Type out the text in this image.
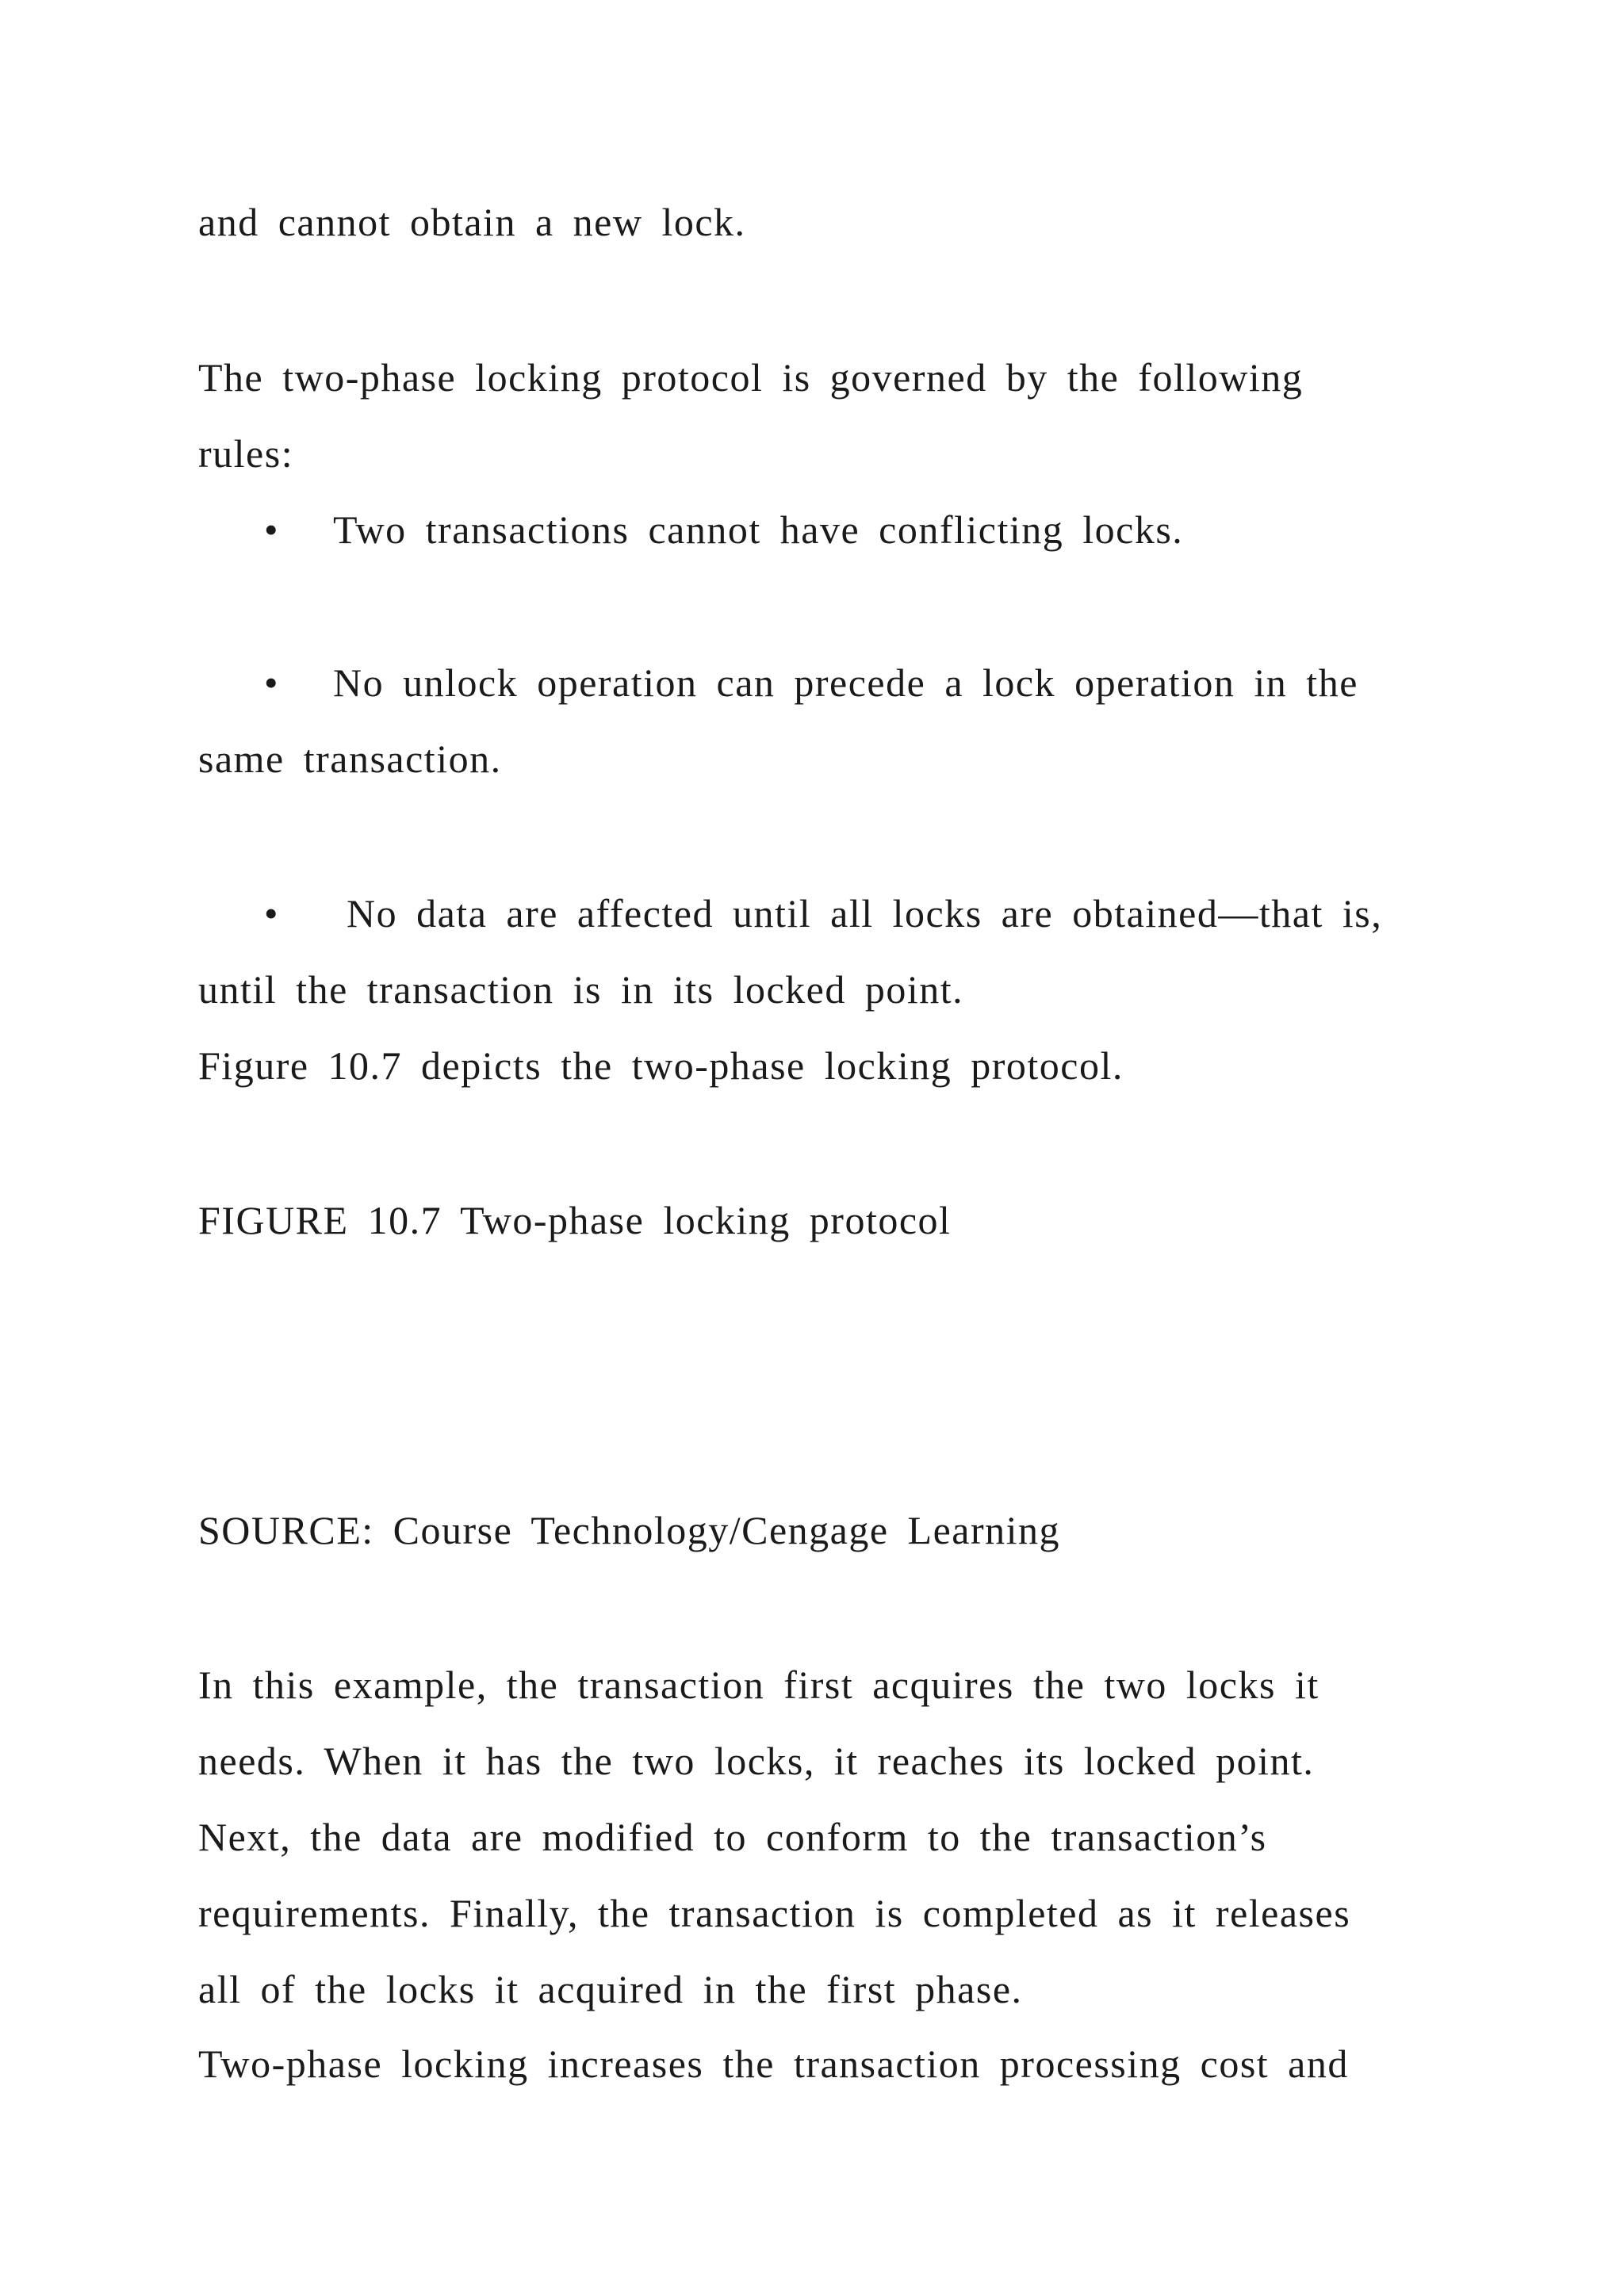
and cannot obtain a new lock.
The two-phase locking protocol is governed by the following
rules:
• Two transactions cannot have conflicting locks.
• No unlock operation can precede a lock operation in the
same transaction.
• No data are affected until all locks are obtained—that is,
until the transaction is in its locked point.
Figure 10.7 depicts the two-phase locking protocol.
FIGURE 10.7 Two-phase locking protocol
SOURCE: Course Technology/Cengage Learning
In this example, the transaction first acquires the two locks it
needs. When it has the two locks, it reaches its locked point.
Next, the data are modified to conform to the transaction’s
requirements. Finally, the transaction is completed as it releases
all of the locks it acquired in the first phase.
Two-phase locking increases the transaction processing cost and
